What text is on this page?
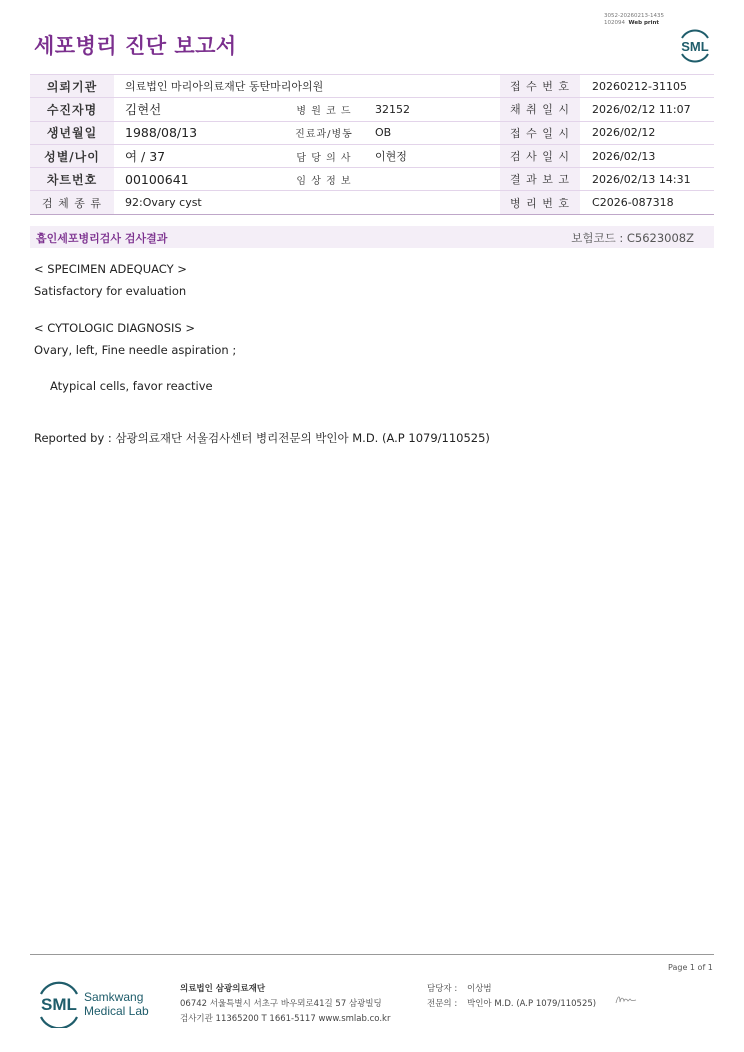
세포병리 진단 보고서
3052-20260213-1435
102094 Web print
SML
의뢰기관	의료법인 마리아의료재단 동탄마리아의원			접 수 번 호	20260212-31105
수진자명	김현선	병 원 코 드	32152	채 취 일 시	2026/02/12 11:07
생년월일	1988/08/13	진료과/병동	OB	접 수 일 시	2026/02/12
성별/나이	여 / 37	담 당 의 사	이현정	검 사 일 시	2026/02/13
차트번호	00100641	임 상 정 보		결 과 보 고	2026/02/13 14:31
검 체 종 류	92:Ovary cyst			병 리 번 호	C2026-087318
흡인세포병리검사 검사결과	보험코드 : C5623008Z
< SPECIMEN ADEQUACY >
Satisfactory for evaluation
< CYTOLOGIC DIAGNOSIS >
Ovary, left, Fine needle aspiration ;
Atypical cells, favor reactive
Reported by : 삼광의료재단 서울검사센터 병리전문의 박인아 M.D. (A.P 1079/110525)
Page 1 of 1
SML Samkwang
Medical Lab
의료법인 삼광의료재단
06742 서울특별시 서초구 바우뫼로41길 57 삼광빌딩
검사기관 11365200 T 1661-5117 www.smlab.co.kr
담당자 : 이상범
전문의 : 박인아 M.D. (A.P 1079/110525)
